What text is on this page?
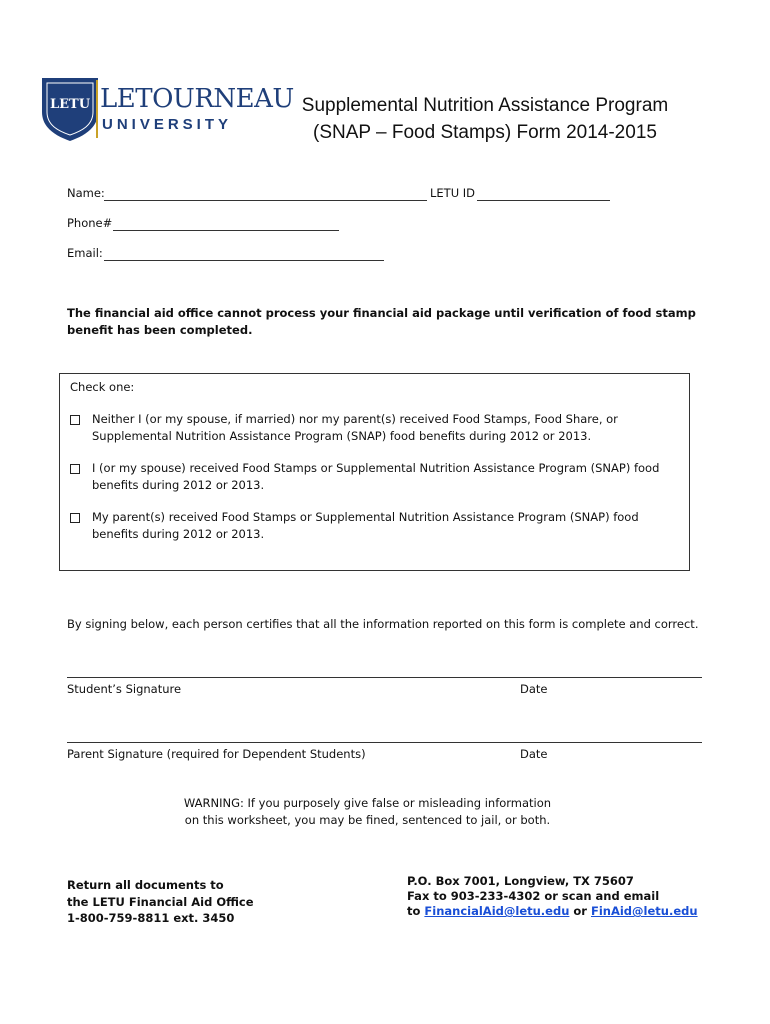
LETU LETOURNEAU
UNIVERSITY
Supplemental Nutrition Assistance Program
(SNAP – Food Stamps) Form 2014-2015
Name:	LETU ID
Phone#
Email:
The financial aid office cannot process your financial aid package until verification of food stamp benefit has been completed.
Check one:
Neither I (or my spouse, if married) nor my parent(s) received Food Stamps, Food Share, or Supplemental Nutrition Assistance Program (SNAP) food benefits during 2012 or 2013.
I (or my spouse) received Food Stamps or Supplemental Nutrition Assistance Program (SNAP) food benefits during 2012 or 2013.
My parent(s) received Food Stamps or Supplemental Nutrition Assistance Program (SNAP) food benefits during 2012 or 2013.
By signing below, each person certifies that all the information reported on this form is complete and correct.
Student’s Signature	Date
Parent Signature (required for Dependent Students)	Date
WARNING: If you purposely give false or misleading information
on this worksheet, you may be fined, sentenced to jail, or both.
Return all documents to
the LETU Financial Aid Office
1-800-759-8811 ext. 3450
P.O. Box 7001, Longview, TX 75607
Fax to 903-233-4302 or scan and email
to FinancialAid@letu.edu or FinAid@letu.edu
